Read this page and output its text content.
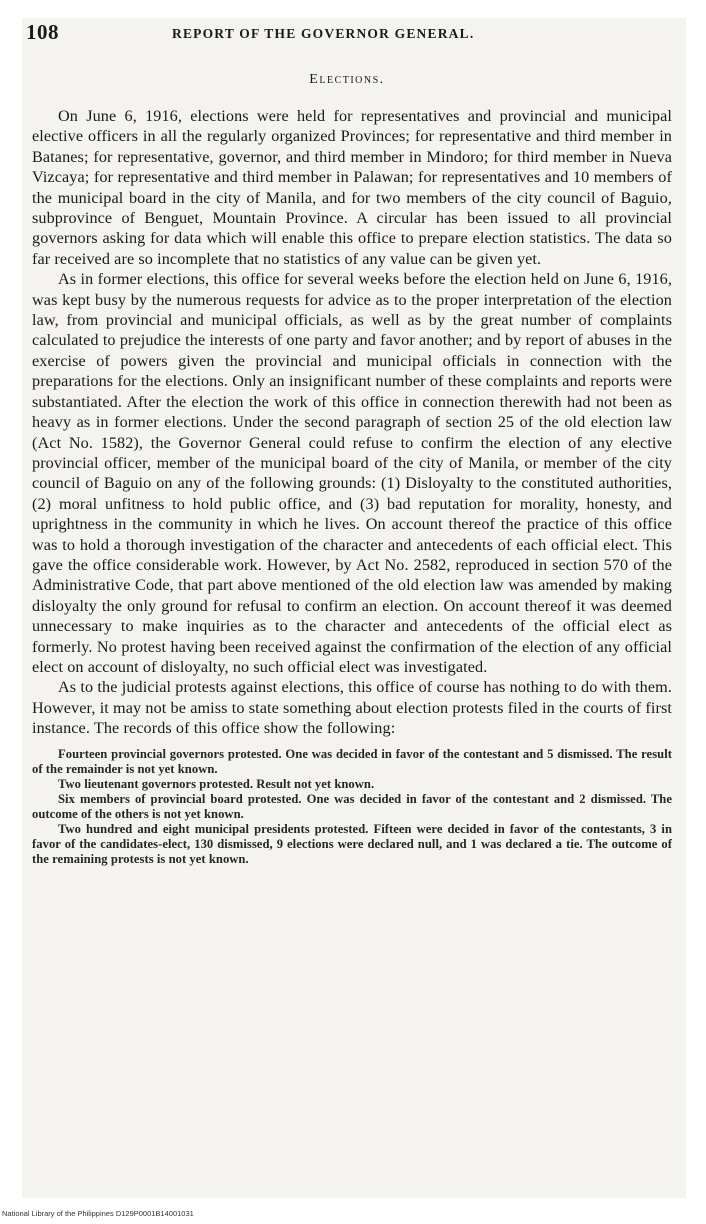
108	REPORT OF THE GOVERNOR GENERAL.
Elections.

On June 6, 1916, elections were held for representatives and provincial and municipal elective officers in all the regularly organized Provinces; for representative and third member in Batanes; for representative, governor, and third member in Mindoro; for third member in Nueva Vizcaya; for representative and third member in Palawan; for representatives and 10 members of the municipal board in the city of Manila, and for two members of the city council of Baguio, subprovince of Benguet, Mountain Province. A circular has been issued to all provincial governors asking for data which will enable this office to prepare election statistics. The data so far received are so incomplete that no statistics of any value can be given yet.

As in former elections, this office for several weeks before the election held on June 6, 1916, was kept busy by the numerous requests for advice as to the proper interpretation of the election law, from provincial and municipal officials, as well as by the great number of complaints calculated to prejudice the interests of one party and favor another; and by report of abuses in the exercise of powers given the provincial and municipal officials in connection with the preparations for the elections. Only an insignificant number of these complaints and reports were substantiated. After the election the work of this office in connection therewith had not been as heavy as in former elections. Under the second paragraph of section 25 of the old election law (Act No. 1582), the Governor General could refuse to confirm the election of any elective provincial officer, member of the municipal board of the city of Manila, or member of the city council of Baguio on any of the following grounds: (1) Disloyalty to the constituted authorities, (2) moral unfitness to hold public office, and (3) bad reputation for morality, honesty, and uprightness in the community in which he lives. On account thereof the practice of this office was to hold a thorough investigation of the character and antecedents of each official elect. This gave the office considerable work. However, by Act No. 2582, reproduced in section 570 of the Administrative Code, that part above mentioned of the old election law was amended by making disloyalty the only ground for refusal to confirm an election. On account thereof it was deemed unnecessary to make inquiries as to the character and antecedents of the official elect as formerly. No protest having been received against the confirmation of the election of any official elect on account of disloyalty, no such official elect was investigated.

As to the judicial protests against elections, this office of course has nothing to do with them. However, it may not be amiss to state something about election protests filed in the courts of first instance. The records of this office show the following:

Fourteen provincial governors protested. One was decided in favor of the contestant and 5 dismissed. The result of the remainder is not yet known.

Two lieutenant governors protested. Result not yet known.

Six members of provincial board protested. One was decided in favor of the contestant and 2 dismissed. The outcome of the others is not yet known.

Two hundred and eight municipal presidents protested. Fifteen were decided in favor of the contestants, 3 in favor of the candidates-elect, 130 dismissed, 9 elections were declared null, and 1 was declared a tie. The outcome of the remaining protests is not yet known.

National Library of the Philippines D129P0001B14001031
